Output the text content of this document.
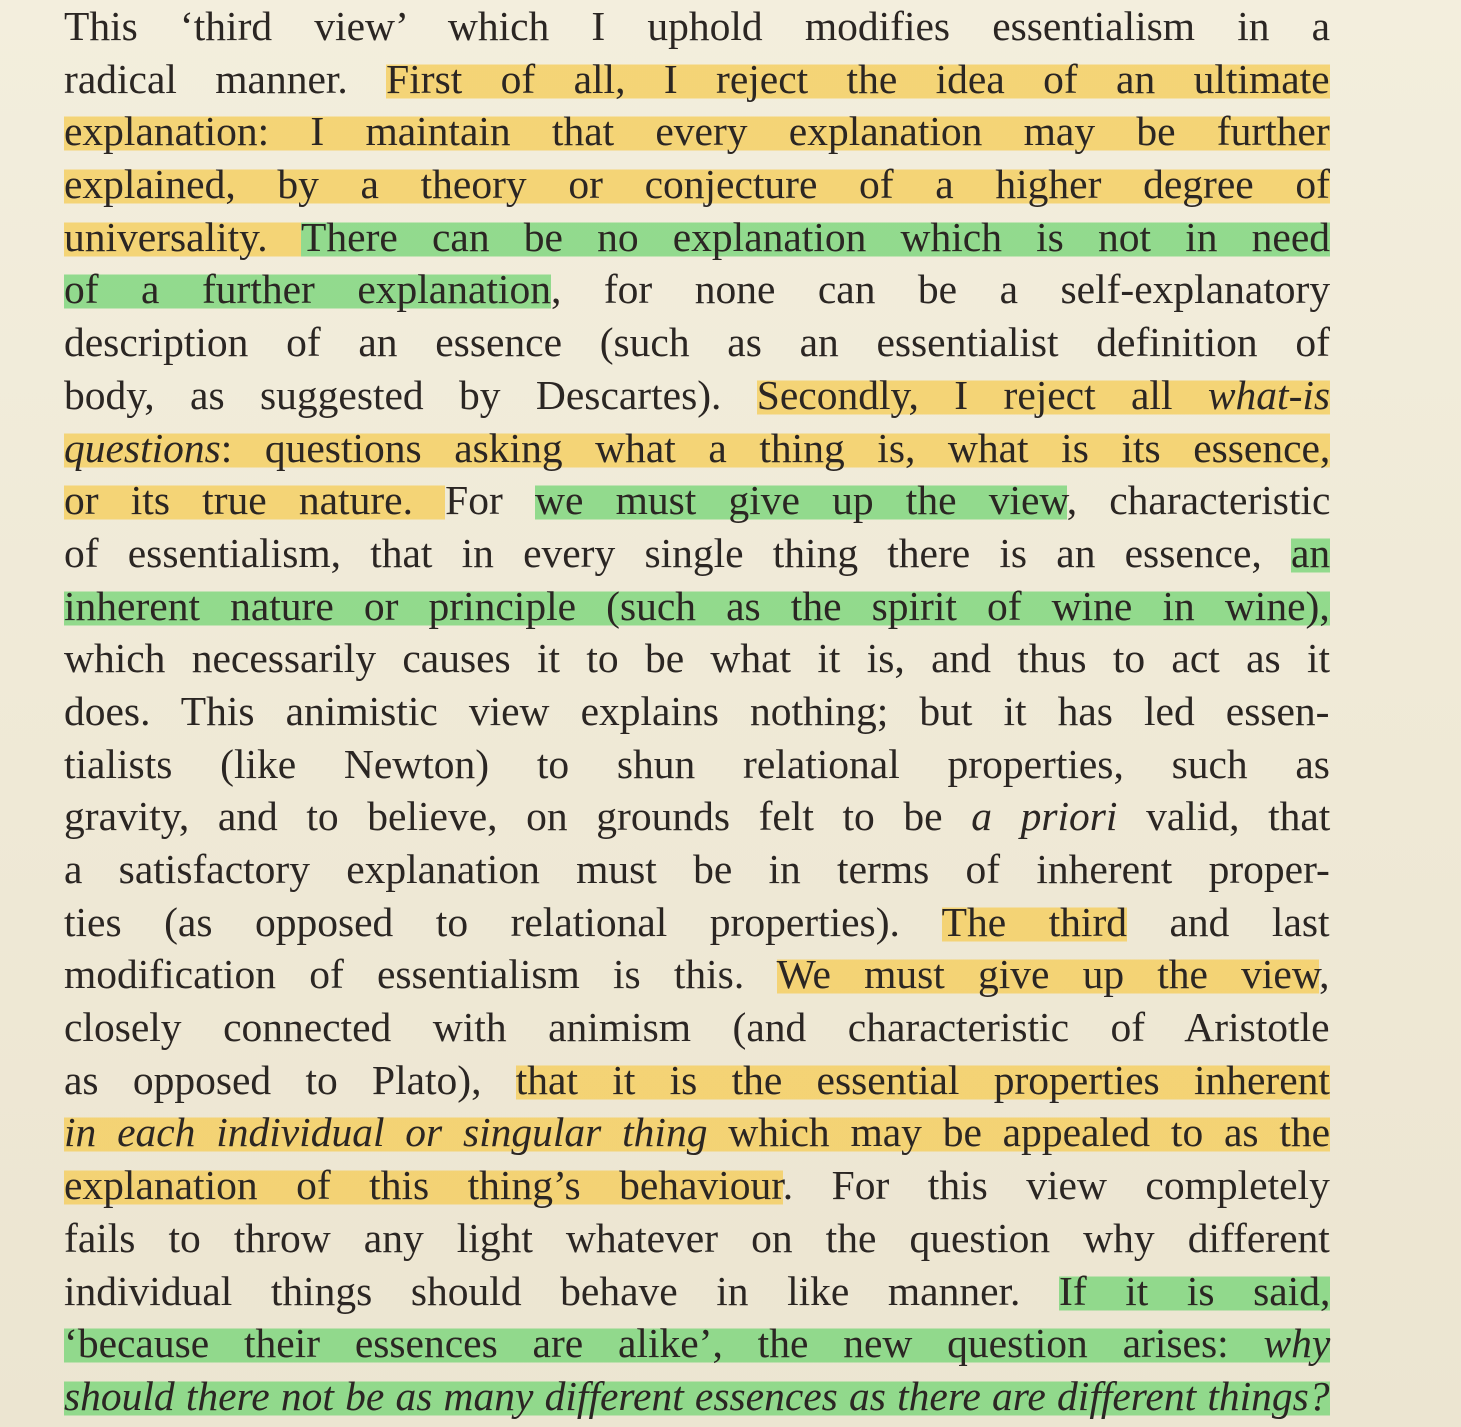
This ‘third view’ which I uphold modifies essentialism in a
radical manner. First of all, I reject the idea of an ultimate
explanation: I maintain that every explanation may be further
explained, by a theory or conjecture of a higher degree of
universality. There can be no explanation which is not in need
of a further explanation, for none can be a self-explanatory
description of an essence (such as an essentialist definition of
body, as suggested by Descartes). Secondly, I reject all what-is
questions: questions asking what a thing is, what is its essence,
or its true nature. For we must give up the view, characteristic
of essentialism, that in every single thing there is an essence, an
inherent nature or principle (such as the spirit of wine in wine),
which necessarily causes it to be what it is, and thus to act as it
does. This animistic view explains nothing; but it has led essen-
tialists (like Newton) to shun relational properties, such as
gravity, and to believe, on grounds felt to be a priori valid, that
a satisfactory explanation must be in terms of inherent proper-
ties (as opposed to relational properties). The third and last
modification of essentialism is this. We must give up the view,
closely connected with animism (and characteristic of Aristotle
as opposed to Plato), that it is the essential properties inherent
in each individual or singular thing which may be appealed to as the
explanation of this thing’s behaviour. For this view completely
fails to throw any light whatever on the question why different
individual things should behave in like manner. If it is said,
‘because their essences are alike’, the new question arises: why
should there not be as many different essences as there are different things?
